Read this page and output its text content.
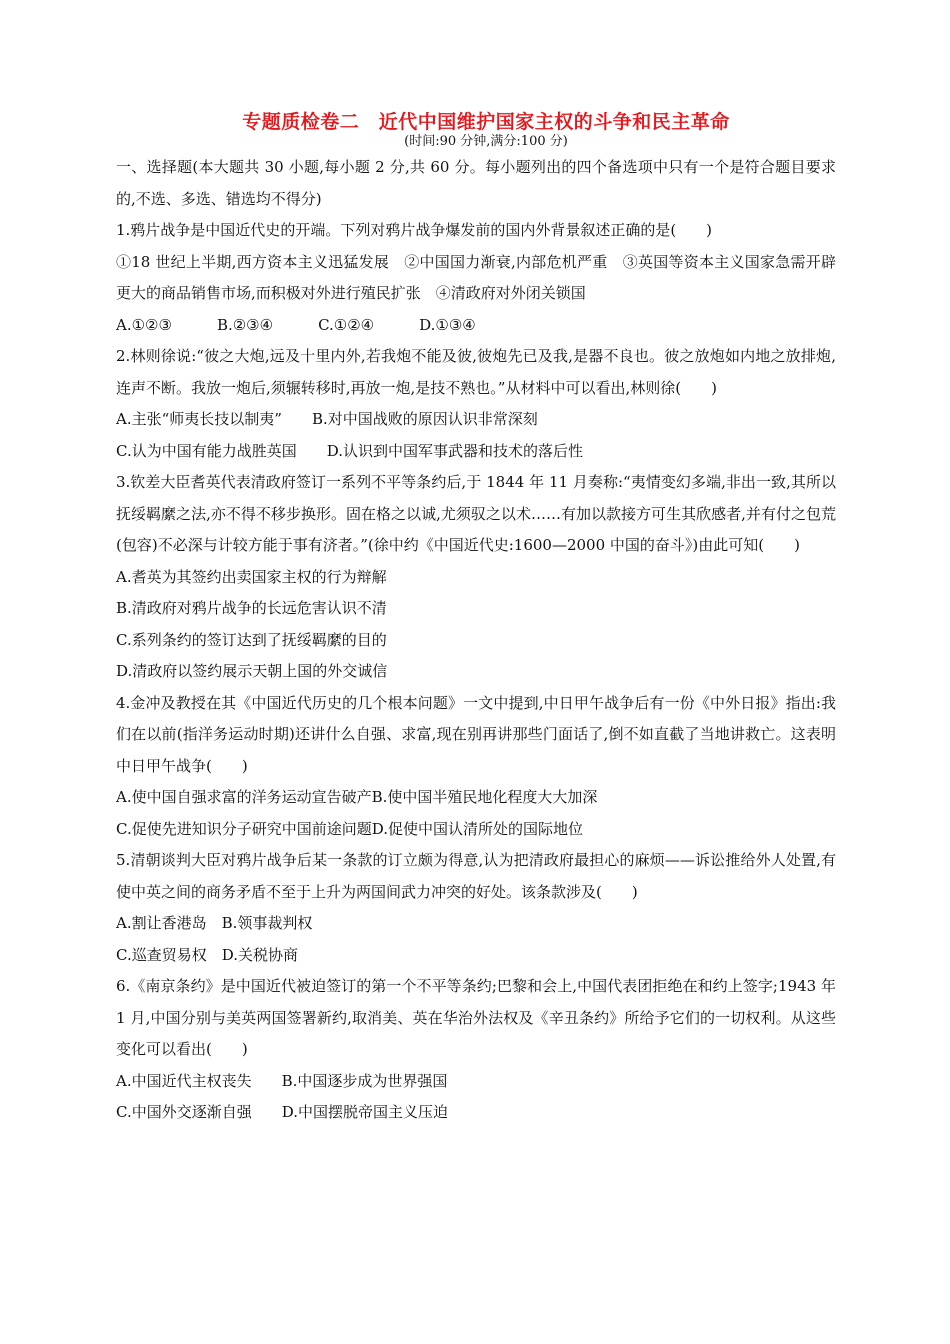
专题质检卷二　近代中国维护国家主权的斗争和民主革命

(时间:90 分钟,满分:100 分)

一、选择题(本大题共 30 小题,每小题 2 分,共 60 分。每小题列出的四个备选项中只有一个是符合题目要求的,不选、多选、错选均不得分)

1.鸦片战争是中国近代史的开端。下列对鸦片战争爆发前的国内外背景叙述正确的是(　　)

①18 世纪上半期,西方资本主义迅猛发展　②中国国力渐衰,内部危机严重　③英国等资本主义国家急需开辟更大的商品销售市场,而积极对外进行殖民扩张　④清政府对外闭关锁国

A.①②③　　　B.②③④　　　C.①②④　　　D.①③④

2.林则徐说:“彼之大炮,远及十里内外,若我炮不能及彼,彼炮先已及我,是器不良也。彼之放炮如内地之放排炮,连声不断。我放一炮后,须辗转移时,再放一炮,是技不熟也。”从材料中可以看出,林则徐(　　)

A.主张“师夷长技以制夷”　　B.对中国战败的原因认识非常深刻

C.认为中国有能力战胜英国　　D.认识到中国军事武器和技术的落后性

3.钦差大臣耆英代表清政府签订一系列不平等条约后,于 1844 年 11 月奏称:“夷情变幻多端,非出一致,其所以抚绥羁縻之法,亦不得不移步换形。固在格之以诚,尤须驭之以术……有加以款接方可生其欣感者,并有付之包荒(包容)不必深与计较方能于事有济者。”(徐中约《中国近代史:1600—2000 中国的奋斗》)由此可知(　　)

A.耆英为其签约出卖国家主权的行为辩解

B.清政府对鸦片战争的长远危害认识不清

C.系列条约的签订达到了抚绥羁縻的目的

D.清政府以签约展示天朝上国的外交诚信

4.金冲及教授在其《中国近代历史的几个根本问题》一文中提到,中日甲午战争后有一份《中外日报》指出:我们在以前(指洋务运动时期)还讲什么自强、求富,现在别再讲那些门面话了,倒不如直截了当地讲救亡。这表明中日甲午战争(　　)

A.使中国自强求富的洋务运动宣告破产B.使中国半殖民地化程度大大加深

C.促使先进知识分子研究中国前途问题D.促使中国认清所处的国际地位

5.清朝谈判大臣对鸦片战争后某一条款的订立颇为得意,认为把清政府最担心的麻烦——诉讼推给外人处置,有使中英之间的商务矛盾不至于上升为两国间武力冲突的好处。该条款涉及(　　)

A.割让香港岛　B.领事裁判权

C.巡查贸易权　D.关税协商

6.《南京条约》是中国近代被迫签订的第一个不平等条约;巴黎和会上,中国代表团拒绝在和约上签字;1943 年 1 月,中国分别与美英两国签署新约,取消美、英在华治外法权及《辛丑条约》所给予它们的一切权利。从这些变化可以看出(　　)

A.中国近代主权丧失　　B.中国逐步成为世界强国

C.中国外交逐渐自强　　D.中国摆脱帝国主义压迫
